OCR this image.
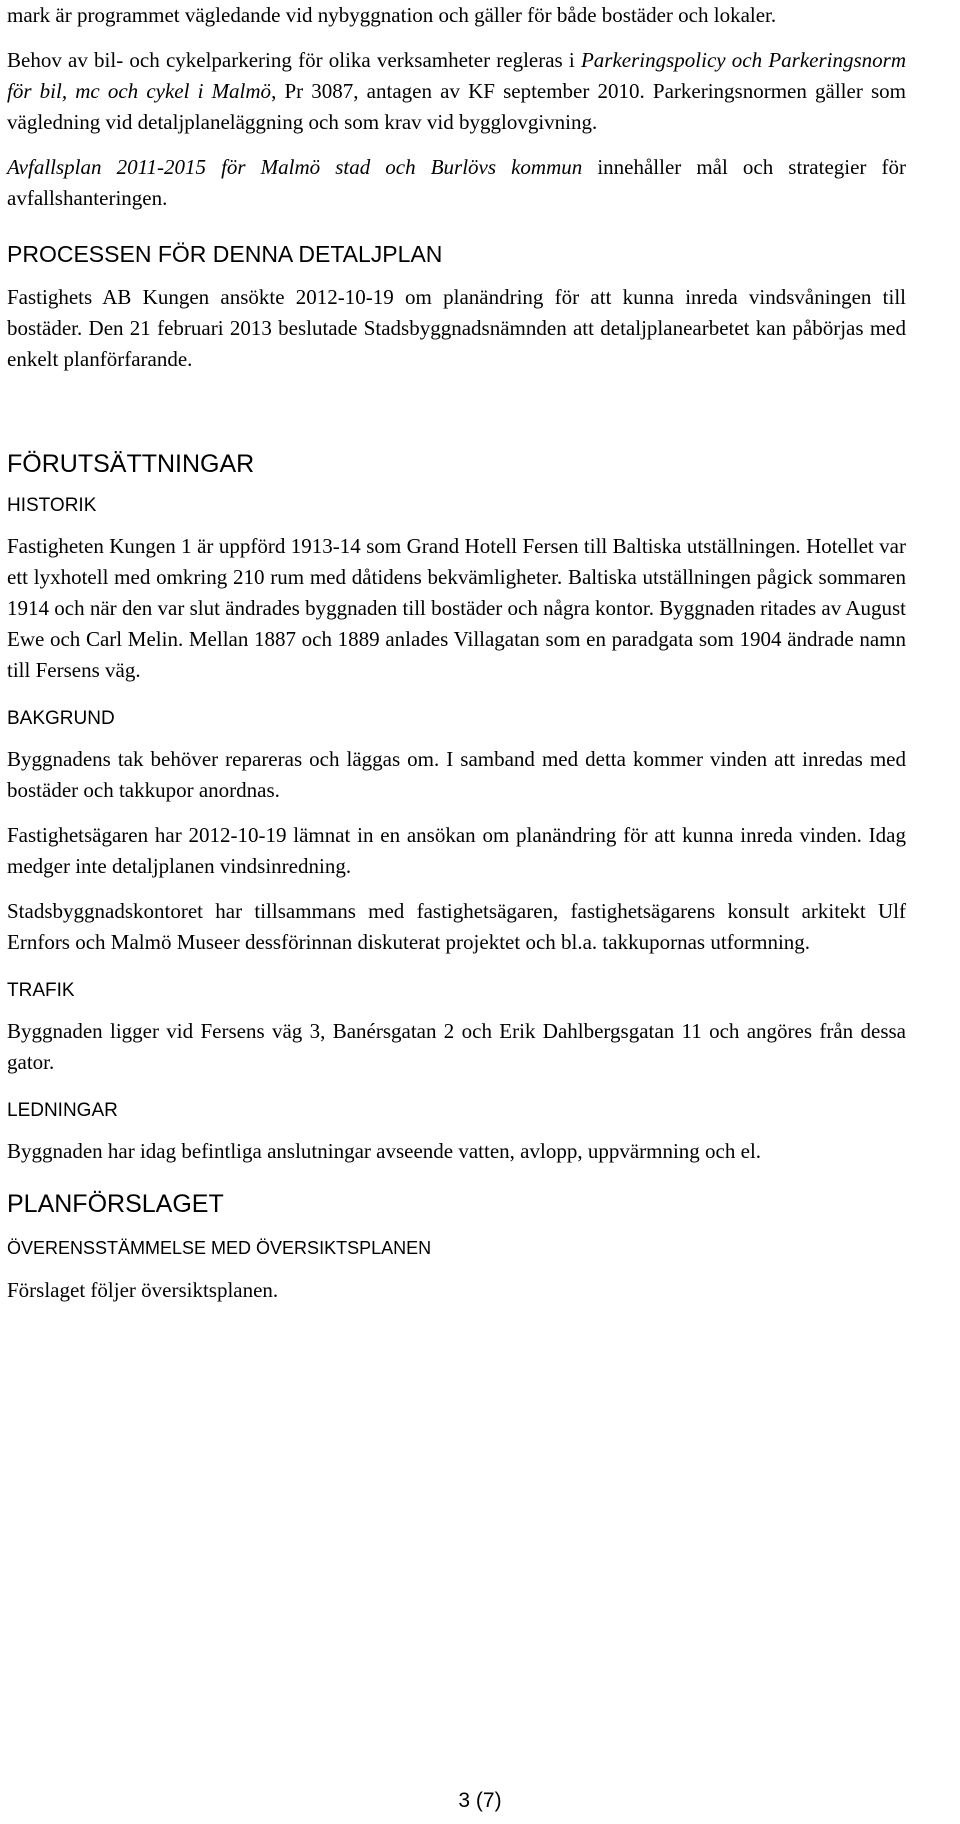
mark är programmet vägledande vid nybyggnation och gäller för både bostäder och lokaler.

Behov av bil- och cykelparkering för olika verksamheter regleras i Parkeringspolicy och Parkeringsnorm för bil, mc och cykel i Malmö, Pr 3087, antagen av KF september 2010. Parkeringsnormen gäller som vägledning vid detaljplaneläggning och som krav vid bygglovgivning.

Avfallsplan 2011-2015 för Malmö stad och Burlövs kommun innehåller mål och strategier för avfallshanteringen.

PROCESSEN FÖR DENNA DETALJPLAN

Fastighets AB Kungen ansökte 2012-10-19 om planändring för att kunna inreda vindsvåningen till bostäder. Den 21 februari 2013 beslutade Stadsbyggnadsnämnden att detaljplanearbetet kan påbörjas med enkelt planförfarande.

FÖRUTSÄTTNINGAR
HISTORIK

Fastigheten Kungen 1 är uppförd 1913-14 som Grand Hotell Fersen till Baltiska utställningen. Hotellet var ett lyxhotell med omkring 210 rum med dåtidens bekvämligheter. Baltiska utställningen pågick sommaren 1914 och när den var slut ändrades byggnaden till bostäder och några kontor. Byggnaden ritades av August Ewe och Carl Melin. Mellan 1887 och 1889 anlades Villagatan som en paradgata som 1904 ändrade namn till Fersens väg.

BAKGRUND

Byggnadens tak behöver repareras och läggas om. I samband med detta kommer vinden att inredas med bostäder och takkupor anordnas.

Fastighetsägaren har 2012-10-19 lämnat in en ansökan om planändring för att kunna inreda vinden. Idag medger inte detaljplanen vindsinredning.

Stadsbyggnadskontoret har tillsammans med fastighetsägaren, fastighetsägarens konsult arkitekt Ulf Ernfors och Malmö Museer dessförinnan diskuterat projektet och bl.a. takkupornas utformning.

TRAFIK

Byggnaden ligger vid Fersens väg 3, Banérsgatan 2 och Erik Dahlbergsgatan 11 och angöres från dessa gator.

LEDNINGAR

Byggnaden har idag befintliga anslutningar avseende vatten, avlopp, uppvärmning och el.

PLANFÖRSLAGET
ÖVERENSSTÄMMELSE MED ÖVERSIKTSPLANEN

Förslaget följer översiktsplanen.

3 (7)
